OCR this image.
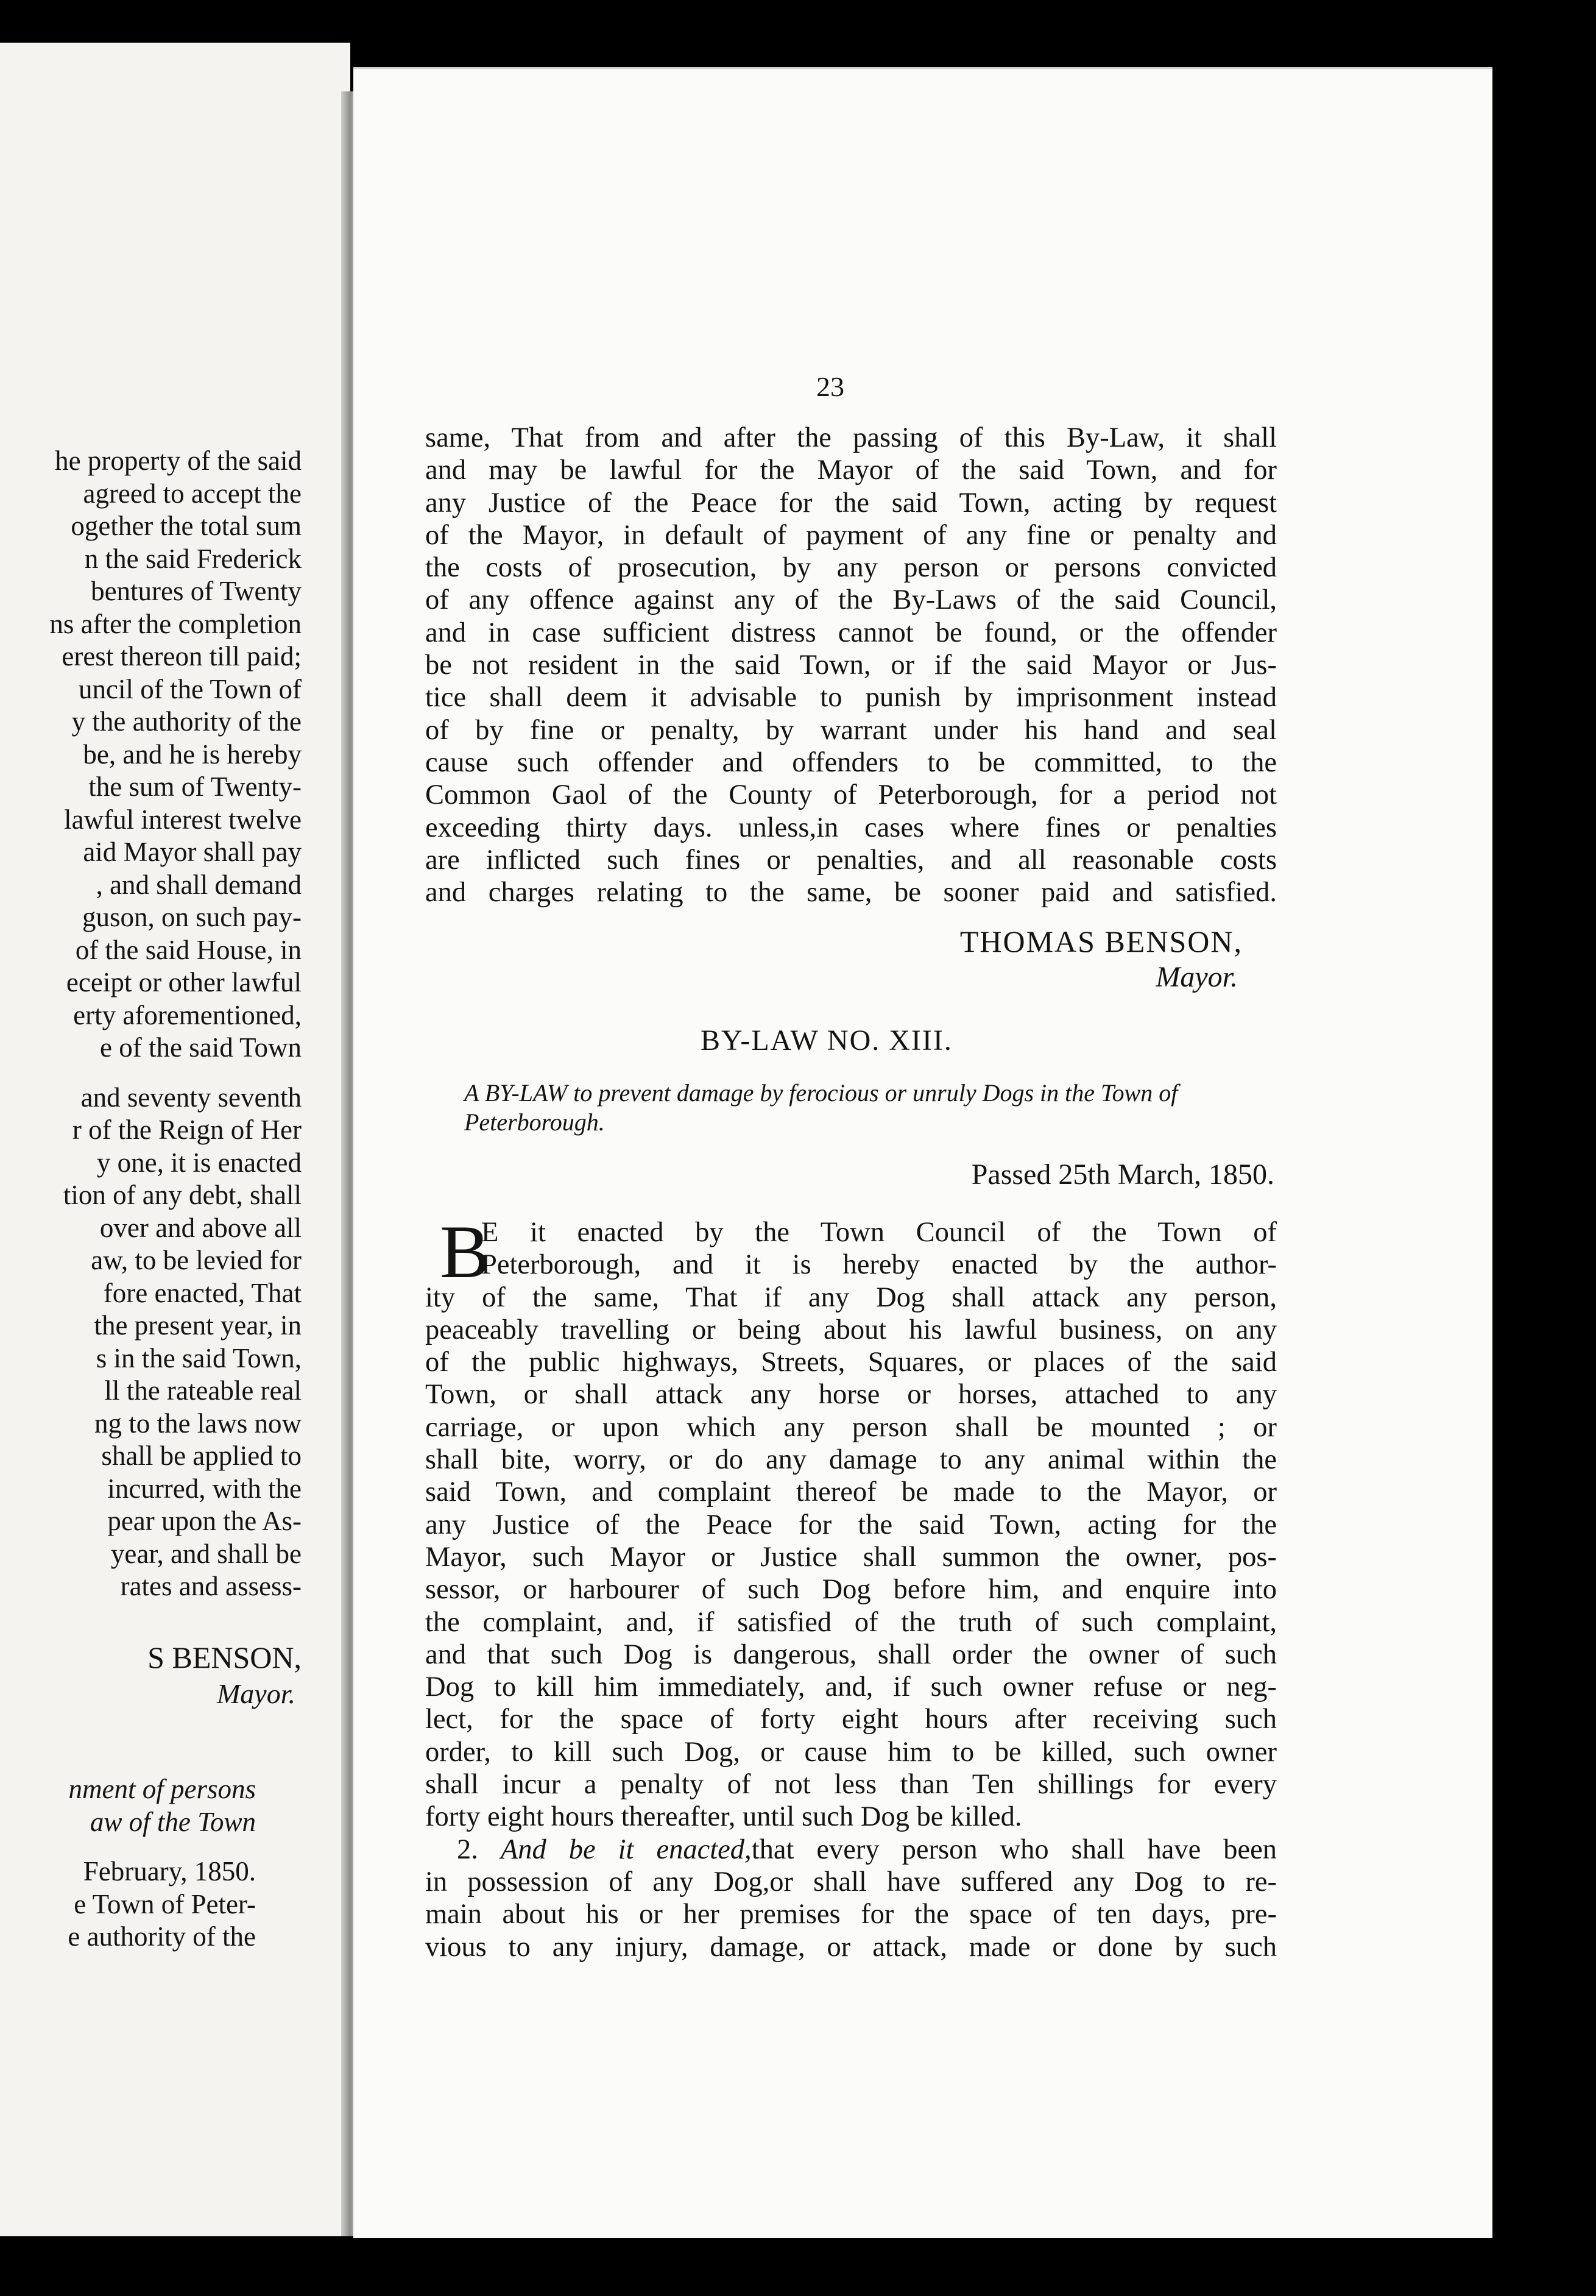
he property of the said
agreed to accept the
ogether the total sum
n the said Frederick
bentures of Twenty
ns after the completion
erest thereon till paid;
uncil of the Town of
y the authority of the
be, and he is hereby
the sum of Twenty-
lawful interest twelve
aid Mayor shall pay
, and shall demand
guson, on such pay-
of the said House, in
eceipt or other lawful
erty aforementioned,
e of the said Town
and seventy seventh
r of the Reign of Her
y one, it is enacted
tion of any debt, shall
over and above all
aw, to be levied for
fore enacted, That
the present year, in
s in the said Town,
ll the rateable real
ng to the laws now
shall be applied to
incurred, with the
pear upon the As-
year, and shall be
rates and assess-
S BENSON,
Mayor.
nment of persons
aw of the Town
February, 1850.
e Town of Peter-
e authority of the
23
same, That from and after the passing of this By-Law, it shall
and may be lawful for the Mayor of the said Town, and for
any Justice of the Peace for the said Town, acting by request
of the Mayor, in default of payment of any fine or penalty and
the costs of prosecution, by any person or persons convicted
of any offence against any of the By-Laws of the said Council,
and in case sufficient distress cannot be found, or the offender
be not resident in the said Town, or if the said Mayor or Jus-
tice shall deem it advisable to punish by imprisonment instead
of by fine or penalty, by warrant under his hand and seal
cause such offender and offenders to be committed, to the
Common Gaol of the County of Peterborough, for a period not
exceeding thirty days. unless,in cases where fines or penalties
are inflicted such fines or penalties, and all reasonable costs
and charges relating to the same, be sooner paid and satisfied.
THOMAS BENSON,
Mayor.
BY-LAW NO. XIII.
A BY-LAW to prevent damage by ferocious or unruly Dogs in the Town of Peterborough.
Passed 25th March, 1850.
B
E it enacted by the Town Council of the Town of
Peterborough, and it is hereby enacted by the author-
ity of the same, That if any Dog shall attack any person,
peaceably travelling or being about his lawful business, on any
of the public highways, Streets, Squares, or places of the said
Town, or shall attack any horse or horses, attached to any
carriage, or upon which any person shall be mounted ; or
shall bite, worry, or do any damage to any animal within the
said Town, and complaint thereof be made to the Mayor, or
any Justice of the Peace for the said Town, acting for the
Mayor, such Mayor or Justice shall summon the owner, pos-
sessor, or harbourer of such Dog before him, and enquire into
the complaint, and, if satisfied of the truth of such complaint,
and that such Dog is dangerous, shall order the owner of such
Dog to kill him immediately, and, if such owner refuse or neg-
lect, for the space of forty eight hours after receiving such
order, to kill such Dog, or cause him to be killed, such owner
shall incur a penalty of not less than Ten shillings for every
forty eight hours thereafter, until such Dog be killed.
2. And be it enacted,that every person who shall have been
in possession of any Dog,or shall have suffered any Dog to re-
main about his or her premises for the space of ten days, pre-
vious to any injury, damage, or attack, made or done by such
